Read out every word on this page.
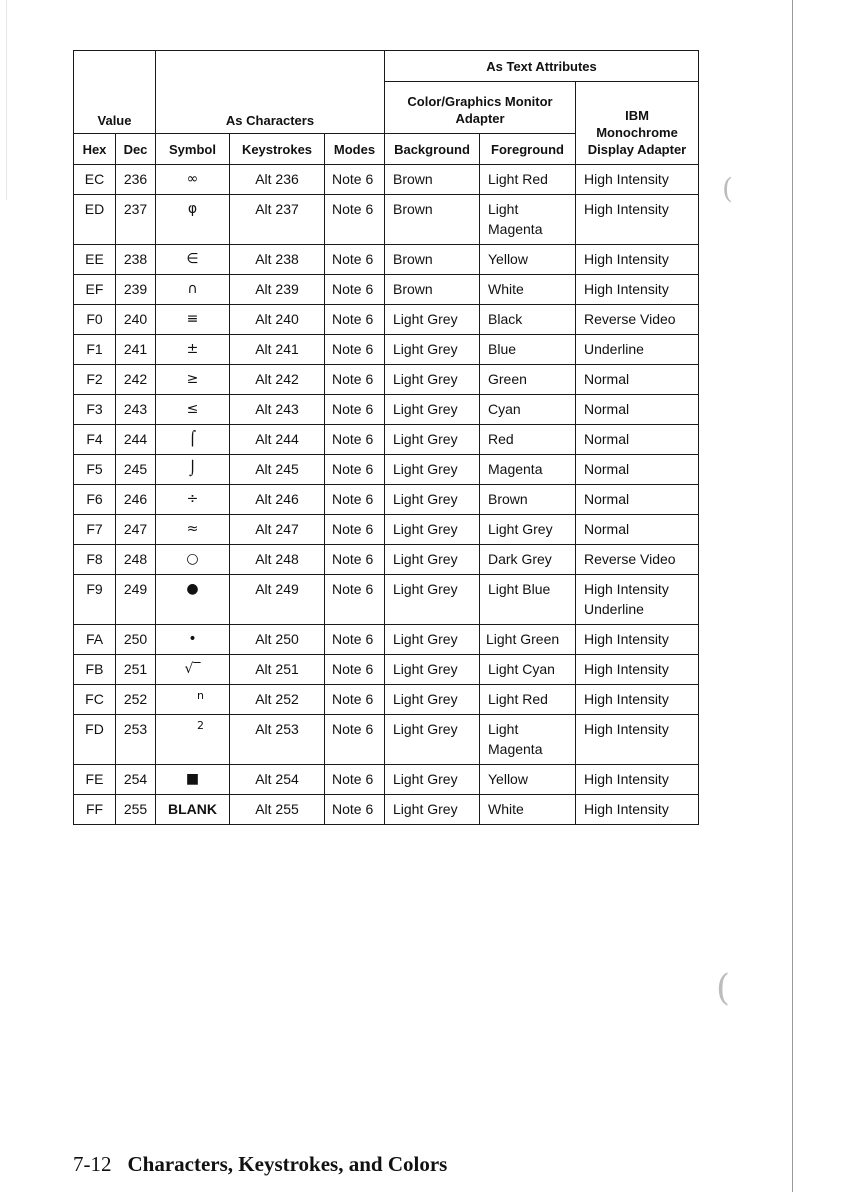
(
(
Value		As Characters			As Text Attributes		

					Color/Graphics Monitor Adapter		IBM Monochrome Display Adapter

Hex	Dec	Symbol	Keystrokes	Modes	Background	Foreground	
EC	236	∞	Alt 236	Note 6	Brown	Light Red	High Intensity
ED	237	φ	Alt 237	Note 6	Brown	Light Magenta	High Intensity
EE	238	∈	Alt 238	Note 6	Brown	Yellow	High Intensity
EF	239	∩	Alt 239	Note 6	Brown	White	High Intensity
F0	240	≡	Alt 240	Note 6	Light Grey	Black	Reverse Video
F1	241	±	Alt 241	Note 6	Light Grey	Blue	Underline
F2	242	≥	Alt 242	Note 6	Light Grey	Green	Normal
F3	243	≤	Alt 243	Note 6	Light Grey	Cyan	Normal
F4	244	⌠	Alt 244	Note 6	Light Grey	Red	Normal
F5	245	⌡	Alt 245	Note 6	Light Grey	Magenta	Normal
F6	246	÷	Alt 246	Note 6	Light Grey	Brown	Normal
F7	247	≈	Alt 247	Note 6	Light Grey	Light Grey	Normal
F8	248	○	Alt 248	Note 6	Light Grey	Dark Grey	Reverse Video
F9	249	●	Alt 249	Note 6	Light Grey	Light Blue	High Intensity Underline
FA	250	•	Alt 250	Note 6	Light Grey	Light Green	High Intensity
FB	251	√‾	Alt 251	Note 6	Light Grey	Light Cyan	High Intensity
FC	252	n	Alt 252	Note 6	Light Grey	Light Red	High Intensity
FD	253	2	Alt 253	Note 6	Light Grey	Light Magenta	High Intensity
FE	254	■	Alt 254	Note 6	Light Grey	Yellow	High Intensity
FF	255	BLANK	Alt 255	Note 6	Light Grey	White	High Intensity
7-12 Characters, Keystrokes, and Colors
